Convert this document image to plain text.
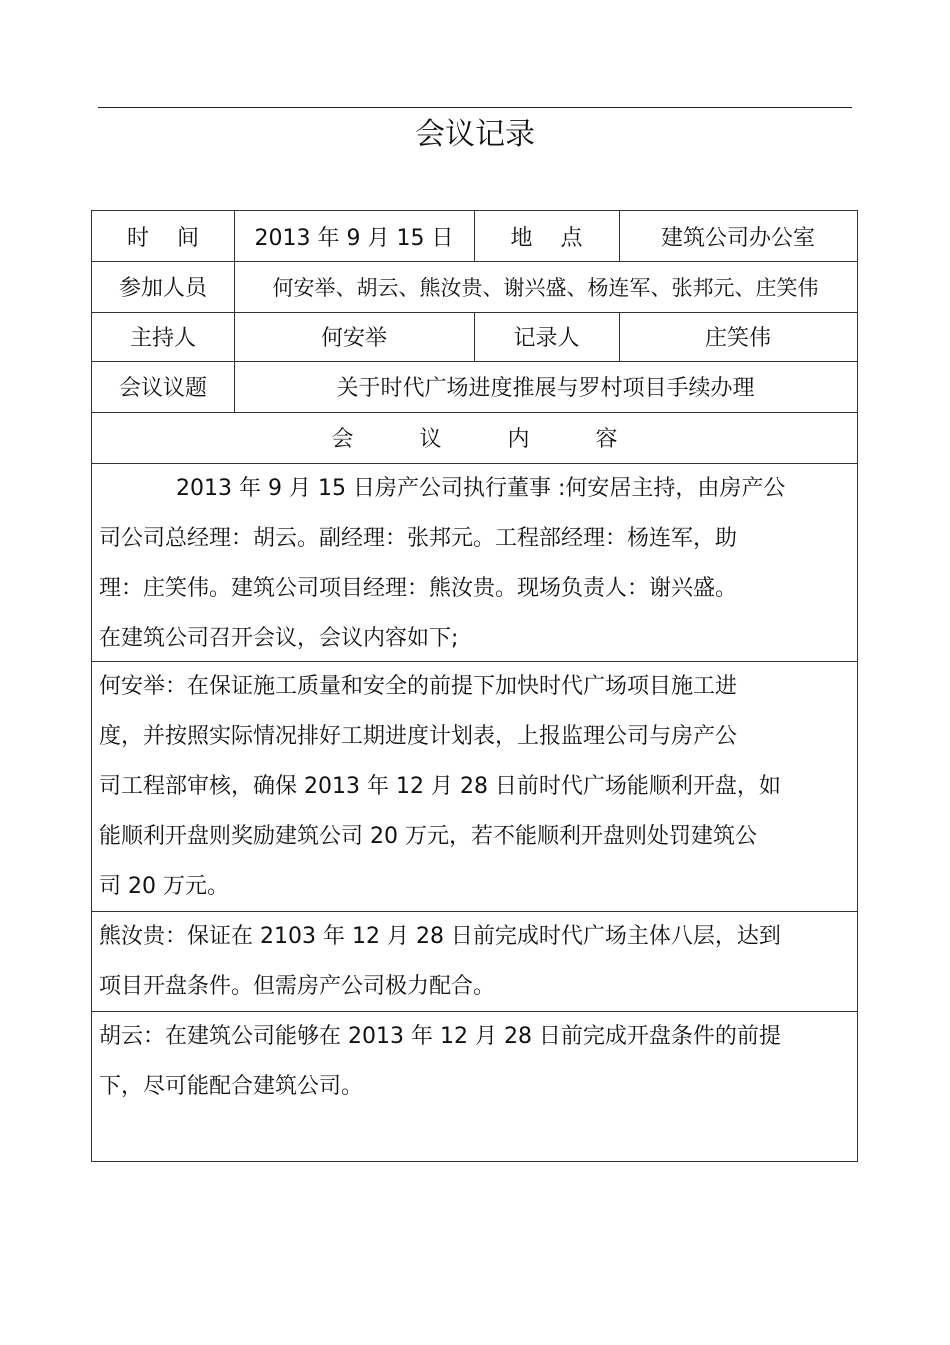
会议记录
时间	2013 年 9 月 15 日	地点	建筑公司办公室
参加人员	何安举、胡云、熊汝贵、谢兴盛、杨连军、张邦元、庄笑伟
主持人	何安举	记录人	庄笑伟
会议议题	关于时代广场进度推展与罗村项目手续办理
会议内容

2013 年 9 月 15 日房产公司执行董事 :何安居主持，由房产公

司公司总经理：胡云。副经理：张邦元。工程部经理：杨连军，助

理：庄笑伟。建筑公司项目经理：熊汝贵。现场负责人：谢兴盛。

在建筑公司召开会议，会议内容如下;

何安举：在保证施工质量和安全的前提下加快时代广场项目施工进

度，并按照实际情况排好工期进度计划表，上报监理公司与房产公

司工程部审核，确保 2013 年 12 月 28 日前时代广场能顺利开盘，如

能顺利开盘则奖励建筑公司 20 万元，若不能顺利开盘则处罚建筑公

司 20 万元。

熊汝贵：保证在 2103 年 12 月 28 日前完成时代广场主体八层，达到

项目开盘条件。但需房产公司极力配合。

胡云：在建筑公司能够在 2013 年 12 月 28 日前完成开盘条件的前提

下，尽可能配合建筑公司。
